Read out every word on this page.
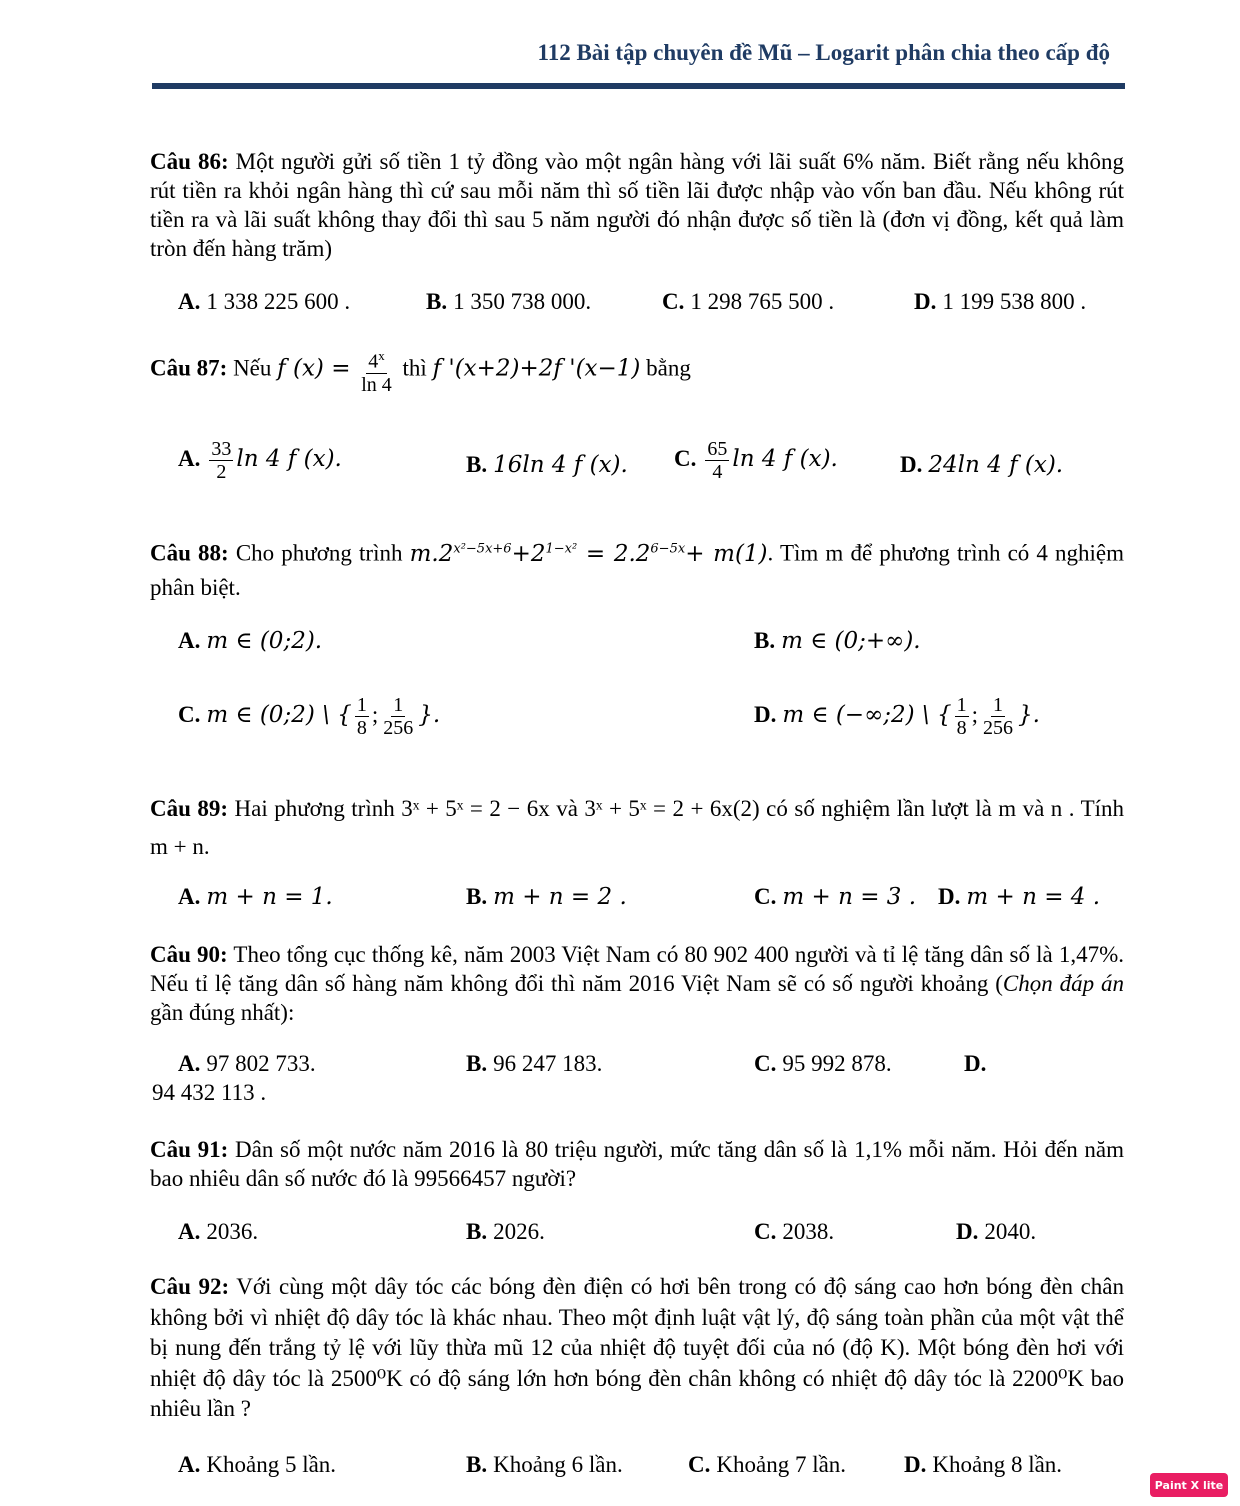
112 Bài tập chuyên đề Mũ – Logarit phân chia theo cấp độ
Câu 86: Một người gửi số tiền 1 tỷ đồng vào một ngân hàng với lãi suất 6% năm. Biết rằng nếu không rút tiền ra khỏi ngân hàng thì cứ sau mỗi năm thì số tiền lãi được nhập vào vốn ban đầu. Nếu không rút tiền ra và lãi suất không thay đổi thì sau 5 năm người đó nhận được số tiền là (đơn vị đồng, kết quả làm tròn đến hàng trăm)
A. 1 338 225 600 .	B. 1 350 738 000.	C. 1 298 765 500 .	D. 1 199 538 800 .
Câu 87: Nếu f $(x) = \frac{4^x}{\ln 4}$ thì f '(x+2)+2f '(x−1) bằng
A. $\frac{33}{2}$ ln 4 f (x).	B. 16ln 4 f (x). C. $\frac{65}{4}$ ln 4 f (x).	D. 24ln 4 f (x).
Câu 88: Cho phương trình $m.2^{x^2-5x+6}+2^{1-x^2} = 2.2^{6-5x}+ m(1)$. Tìm m để phương trình có 4 nghiệm phân biệt.
A. m ∈ (0;2).	B. m ∈ (0;+∞).
C. m ∈ (0;2) \ { $\frac{1}{8}$ ; $\frac{1}{256}$ }.	D. m ∈ (−∞;2) \ { $\frac{1}{8}$ ; $\frac{1}{256}$ }.
Câu 89: Hai phương trình 3ˣ + 5ˣ = 2 − 6x và 3ˣ + 5ˣ = 2 + 6x(2) có số nghiệm lần lượt là m và n . Tính m + n.
A. m + n = 1.	B. m + n = 2 .	C. m + n = 3 . D. m + n = 4 .
Câu 90: Theo tổng cục thống kê, năm 2003 Việt Nam có 80 902 400 người và tỉ lệ tăng dân số là 1,47%. Nếu tỉ lệ tăng dân số hàng năm không đổi thì năm 2016 Việt Nam sẽ có số người khoảng (Chọn đáp án gần đúng nhất):
A. 97 802 733.	B. 96 247 183.	C. 95 992 878.	D.
94 432 113 .
Câu 91: Dân số một nước năm 2016 là 80 triệu người, mức tăng dân số là 1,1% mỗi năm. Hỏi đến năm bao nhiêu dân số nước đó là 99566457 người?
A. 2036.	B. 2026.	C. 2038.	D. 2040.
Câu 92: Với cùng một dây tóc các bóng đèn điện có hơi bên trong có độ sáng cao hơn bóng đèn chân không bởi vì nhiệt độ dây tóc là khác nhau. Theo một định luật vật lý, độ sáng toàn phần của một vật thể bị nung đến trắng tỷ lệ với lũy thừa mũ 12 của nhiệt độ tuyệt đối của nó (độ K). Một bóng đèn hơi với nhiệt độ dây tóc là 2500⁰K có độ sáng lớn hơn bóng đèn chân không có nhiệt độ dây tóc là 2200⁰K bao nhiêu lần ?
A. Khoảng 5 lần.	B. Khoảng 6 lần.	C. Khoảng 7 lần.	D. Khoảng 8 lần.
Paint X lite
